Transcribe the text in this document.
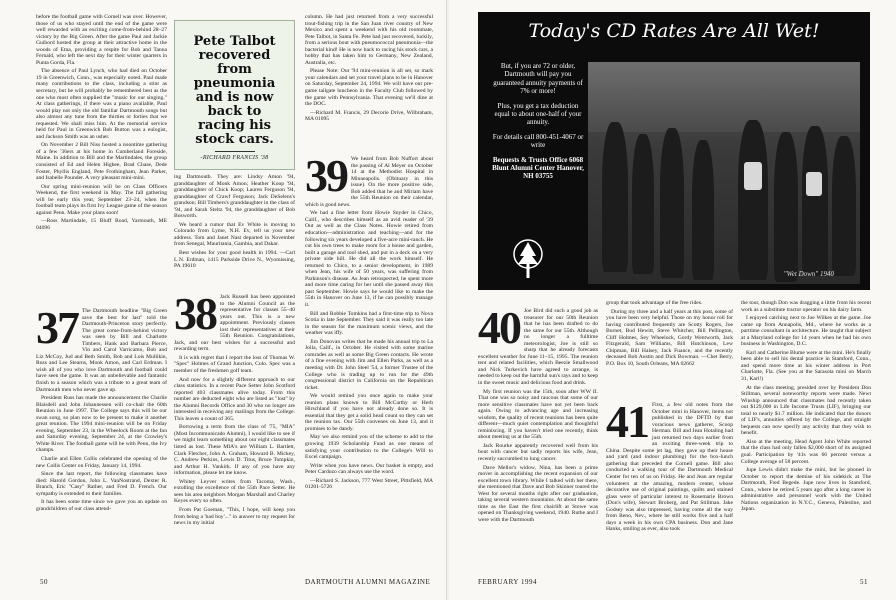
before the football game with Cornell was over. However, those of us who stayed until the end of the game were well rewarded with an exciting come-from-behind 28–27 victory by the Big Green. After the game Paul and Jackie Guibord hosted the group at their attractive home in the woods of Etna, providing a respite for Bob and Tanna Fernald, who left the next day for their winter quarters in Punta Gorda, Fla.

The absence of Paul Lynch, who had died on October 19 in Greenwich, Conn., was especially noted. Paul made many contributions to the class, including a stint as secretary, but he will probably be remembered best as the one who most often supplied the "music for our singing." At class gatherings, if there was a piano available, Paul would play not only the old familiar Dartmouth songs but also almost any tune from the thirties or forties that we requested. We shall miss him. At the memorial service held for Paul in Greenwich Bob Button was a eulogist, and Jackson Smith was an usher.

On November 2 Bill Niss hosted a noontime gathering of a few '36ers at his home in Cumberland Foreside, Maine. In addition to Bill and the Martindales, the group consisted of Ed and Helen Higbee, Brad Chase, Dede Foster, Phyllis England, Pete Frothingham, Jean Parker, and Isabelle Pounder. A very pleasant mini-mini.

Our spring mini-reunion will be on Class Officers Weekend, the first weekend in May. The fall gathering will be early this year, September 23–24, when the football team plays its first Ivy League game of the season against Penn. Make your plans soon!

—Ross Martindale, 15 Bluff Road, Yarmouth, ME 04096

37 The Dartmouth headline "Big Green save the best for last" told the Dartmouth-Princeton story perfectly. The great come-from-behind victory was seen by Bill and Charlotte Timbers, Hank and Barbara Pierce, Vin and Carol Varricamo, Bob and Liz McCoy, Jud and Beth Smith, Bob and Lois Mullikin, Russ and Lee Stearns, Monk Amon, and Carl Erdman. I wish all of you who love Dartmouth and football could have seen the game. It was an unbelievable and fantastic finish to a season which was a tribute to a great team of Dartmouth men who never gave up.

President Russ has made the announcement the Charlie Blaisdell and John Johannessen will co-chair the 60th Reunion in June 1997. The College says this will be our swan song, so plan now to be present to make it another great reunion. The 1994 mini-reunion will be on Friday evening, September 23, in the Wheelock Room at the Inn and Saturday evening, September 24, at the Crowley's White River. The football game will be with Penn, the Ivy champs.

Charlie and Ellen Collis celebrated the opening of the new Collis Center on Friday, January 14, 1994.

Since the last report, the following classmates have died: Harold Gordon, John L. VanNostrand, Dexter R. Branch, Eric "Casy" Rather, and Fred D. French. Our sympathy is extended to their families.

It has been some time since we gave you an update on grandchildren of our class attend-

Pete Talbot recovered from pneumonia and is now back to racing his stock cars.
-RICHARD FRANCIS '38

ing Dartmouth. They are: Lindsy Amon '94, granddaughter of Monk Amon; Heather Koop '94, granddaughter of Chick Koop; Lauren Ferguson '94, granddaughter of Crawf Ferguson; Jack DeSelens's grandson; Bill Timbers's granddaughter in the class of '94, and Sarah Steltz '94, the granddaughter of Bob Bosworth.

We heard a rumor that Ev White is moving to Colorado from Lyme, N.H. Ev, tell us your new address. Tom and Janet Nast departed in November from Senegal, Mauritania, Gambia, and Dakar.

Best wishes for your good health in 1994. —Carl L.N. Erdman, 1415 Parkside Drive N., Wyomissing, PA 19610

38 Jack Russell has been appointed to the Alumni Council as the representative for classes 55–40 years out. This is a new appointment. Previously classes lost their representatives at their 55th Reunion. Congratulations, Jack, and our best wishes for a successful and rewarding term.

It is with regret that I report the loss of Thomas W. "Spec" Holmes of Grand Junction, Colo. Spec was a member of the freshmen golf team.

And now for a slightly different approach to our class statistics. In a recent Pace Setter John Scotford reported 403 classmates alive today. From this number are deducted eight who are listed as "lost" by the Alumni Records Office and 30 who no longer are interested in receiving any mailings from the College. This leaves a count of 365.

Borrowing a term from the class of '75, "MIA" (Most Incommunicado Alumni), I would like to see if we might learn something about our eight classmates listed as lost. These MIA's are William L. Bartlett, Clark Fletcher, John A. Graham, Howard B. Mickey, C. Andrew Perkins, Lewis D. Titus, Bruce Tompkin, and Arthur H. Vankirk. If any of you have any information, please let me know.

Whitey Leyver writes from Tacoma, Wash., extolling the excellence of the 55th Pace Setter. He sees his area neighbors Morgan Marshall and Charley Keyes every so often.

From Pat Goeman, "This, I hope, will keep you from being a 'bad boy'..." in answer to my request for news in my initial

column. He had just returned from a very successful trout-fishing trip in the San Juan river country of New Mexico and spent a weekend with his old roommate, Pete Talbot, in Santa Fe. Pete had just recovered, luckily, from a serious bout with pneumococcal pneumonia—the bacterial kind! He is now back to racing his stock cars, a hobby that has taken him to Germany, New Zealand, Australia, etc.

Please Note: Our '94 mini-reunion is all set, so mark your calendars and set your travel plans to be in Hanover on Saturday, September 24, 1994. We will have our pre-game tailgate luncheon in the Faculty Club followed by the game with Pennsylvania. That evening we'll dine at the DOC.

—Richard M. Francis, 29 Decorie Drive, Wilbraham, MA 01095

39 We heard from Bob Nuffort about the passing of Al Meyer on October 14 at the Methodist Hospital in Minneapolis. (Obituary in this issue). On the more positive side, Bob added that he and Miriam have the 55th Reunion on their calendar, which is good news.

We had a fine letter from Howie Snyder in Chico, Calif., who describes himself as an avid reader of '39 Out as well as the Class Notes. Howie retired from education—administration and teaching—and for the following six years developed a five-acre mini-ranch. He cut his own trees to make room for a house and garden, built a garage and tool shed, and put in a deck on a very private side hill. He did all the work himself. He returned to Chico, to a senior development, in 1989 when Jean, his wife of 50 years, was suffering from Parkinson's disease. As Jean retrospected, he spent more and more time caring for her until she passed away this past September. Howie says he would like to make the 55th in Hanover on June 13, if he can possibly manage it.

Bill and Robbie Tomkins had a first-time trip to Nova Scotia in late September. They said it was really too late in the season for the maximum scenic views, and the weather was iffy.

Jim Donovan writes that he made his annual trip to La Jolla, Calif., in October. He visited with some marine comrades as well as some Big Green contacts. He wrote of a fine evening with Jim and Ellen Parks, as well as a meeting with Dr. John Steel '54, a former Trustee of the College who is trading up to run for the 49th congressional district in California on the Republican ticket.

We would remind you once again to make your reunion plans known to Bill McCarthy or Herb Hirschland if you have not already done so. It is essential that they get a solid head count so they can set the reunion tax. Our 55th convenes on June 13, and it promises to be dandy.

May we also remind you of the scheme to add to the growing 1939 Scholarship Fund as one means of satisfying your contribution to the College's Will to Excel campaign.

Write when you have news. Our basket is empty, and Peter Cardozo can always use the word.

—Richard S. Jackson, 777 West Street, Pittsfield, MA 01201-5726

50	DARTMOUTH ALUMNI MAGAZINE
Today's CD Rates Are All Wet!

But, if you are 72 or older, Dartmouth will pay you guaranteed annuity payments of 7% or more!

Plus, you get a tax deduction equal to about one-half of your annuity.

For details call 800-451-4067 or write

Bequests & Trusts Office 6068 Blunt Alumni Center Hanover, NH 03755

"Wet Down" 1940
40 Joe Bird did such a good job as treasurer for our 50th Reunion that he has been drafted to do the same for our 55th. Although no longer a fulltime meteorologist, Joe is still so sharp that he already forecasts excellent weather for June 11–15, 1995. The reunion tent and related facilities, which Beezie Smallwood and Nick Turkevich have agreed to arrange, is needed to keep out the harmful sun's rays and to keep in the sweet music and delicious food and drink.

My first reunion was the 15th, soon after WW II. That one was so noisy and raucous that some of our more sensitive classmates have not yet been back again. Owing to advancing age and increasing wisdom, the quality of recent reunions has been quite different—much quiet contemplation and thoughtful reminiscing. If you haven't tried one recently, think about meeting us at the 55th.

Jack Rourke apparently recovered well from his bout with cancer but sadly reports his wife, Jean, recently succumbed to lung cancer.

Dave Mellor's widow, Nina, has been a prime mover in accomplishing the recent expansion of our excellent town library. While I talked with her there, she mentioned that Dave and Bob Skinner toured the West for several months right after our graduation, taking several western mountains. At about the same time as the East the first chairlift at Stowe was opened on Thanksgiving weekend, 1940. Ruthe and I were with the Dartmouth

group that took advantage of the free rides.

During my three and a half years at this post, some of you have been very helpful. Those on my honor roll for having contributed frequently are Scotty Rogers, Joe Burnet, Bud Hewitt, Steve Whitcher, Bill Pellington, Cliff Holmes, Sey Wheelock, Gordy Wentworth, Jack Fitzgerald, Sam Williams, Bill Hutchinson, Lew Chipman, Bill Halsey, Jack Fuance, and the recently deceased Bob Austin and Dick Bowman. —Chet Berry, P.O. Box 10, South Orleans, MA 02662

41 First, a few old notes from the October mini in Hanover, items not published in the DFTD by that voracious news gatherer, Scoop Herman. Bill and Jean Hotaling had just returned two days earlier from an exciting three-week trip to China. Despite some jet lag, they gave up their house and yard (and indoor plumbing) for the box-lunch gathering that preceded the Cornell game. Bill also conducted a walking tour of the Dartmouth Medical Center for ten of us on Friday. He and Jean are regular volunteers at the amazing, modern center, whose decorative use of original paintings, quilts and stained glass were of particular interest to Rosemarie Brown (Don's wife), Stewart Broberg, and Pat Stillman. Jake Godsey was also impressed, having come all the way from Reno, Nev., where he still works five and a half days a week in his own CPA business. Don and Jane Hanks, smiling as ever, also took

the tour, though Don was dragging a little from his recent work as a substitute tractor operator on his dairy farm.

I enjoyed catching next to Joe Wilkes at the game. Joe came up from Annapolis, Md., where he works as a parttime consultant in architecture. He taught that subject at a Maryland college for 14 years when he had his own business in Washington, D.C.

Karl and Catherine Blume were at the mini. He's finally been able to sell his dental practice in Stamford, Conn., and spend more time at his winter address in Port Charlotte, Fla. (See you at the Sarasota mini on March 31, Karl!)

At the class meeting, presided over by President Don Stillman, several noteworthy reports were made. Newt Winship announced that classmates had recently taken out $129,000 in Life Income Trusts (LIF), bringing our total to nearly $1.7 million. He indicated that the donors of LIF's, annuities offered by the College, and straight bequests can now specify any activity that they wish to benefit.

Also at the meeting, Head Agent John White reported that the class had only fallen $2,000 short of its assigned goal. Participation by '41s was 66 percent versus a College average of 58 percent.

Jupe Lewis didn't make the mini, but he phoned in October to report the demise of his sidekick at The Dartmouth, Fred Begede. Jupe now lives in Stamford, Conn., where he retired 5 years ago after a long career in administrative and personnel work with the United Nations organization in N.Y.C., Geneva, Palestine, and Japan.

FEBRUARY 1994	51
